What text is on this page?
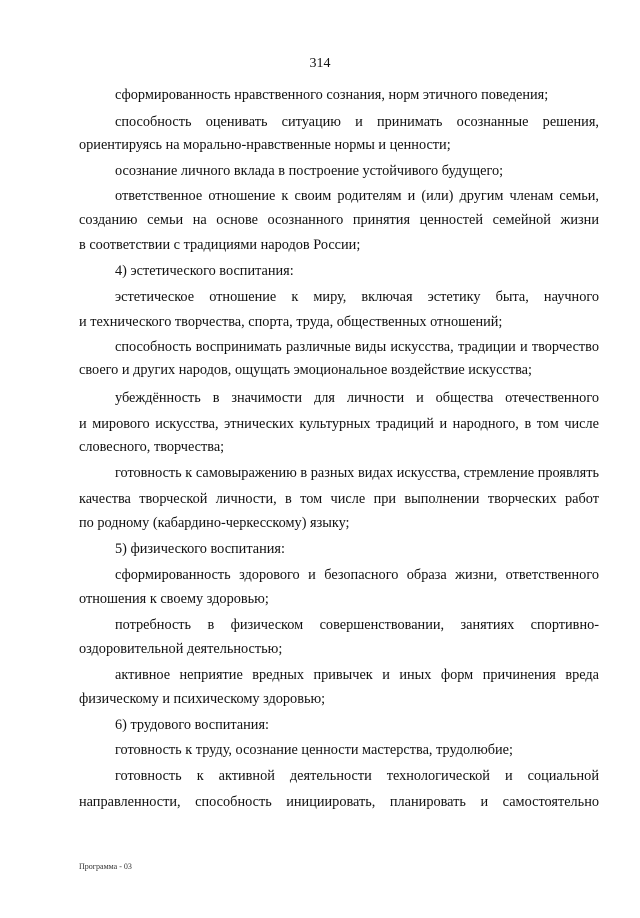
314
сформированность нравственного сознания, норм этичного поведения;
способность оценивать ситуацию и принимать осознанные решения,
ориентируясь на морально-нравственные нормы и ценности;
осознание личного вклада в построение устойчивого будущего;
ответственное отношение к своим родителям и (или) другим членам семьи,
созданию семьи на основе осознанного принятия ценностей семейной жизни
в соответствии с традициями народов России;
4) эстетического воспитания:
эстетическое отношение к миру, включая эстетику быта, научного
и технического творчества, спорта, труда, общественных отношений;
способность воспринимать различные виды искусства, традиции и творчество
своего и других народов, ощущать эмоциональное воздействие искусства;
убеждённость в значимости для личности и общества отечественного
и мирового искусства, этнических культурных традиций и народного, в том числе
словесного, творчества;
готовность к самовыражению в разных видах искусства, стремление проявлять
качества творческой личности, в том числе при выполнении творческих работ
по родному (кабардино-черкесскому) языку;
5) физического воспитания:
сформированность здорового и безопасного образа жизни, ответственного
отношения к своему здоровью;
потребность в физическом совершенствовании, занятиях спортивно-
оздоровительной деятельностью;
активное неприятие вредных привычек и иных форм причинения вреда
физическому и психическому здоровью;
6) трудового воспитания:
готовность к труду, осознание ценности мастерства, трудолюбие;
готовность к активной деятельности технологической и социальной
направленности, способность инициировать, планировать и самостоятельно
Программа - 03
